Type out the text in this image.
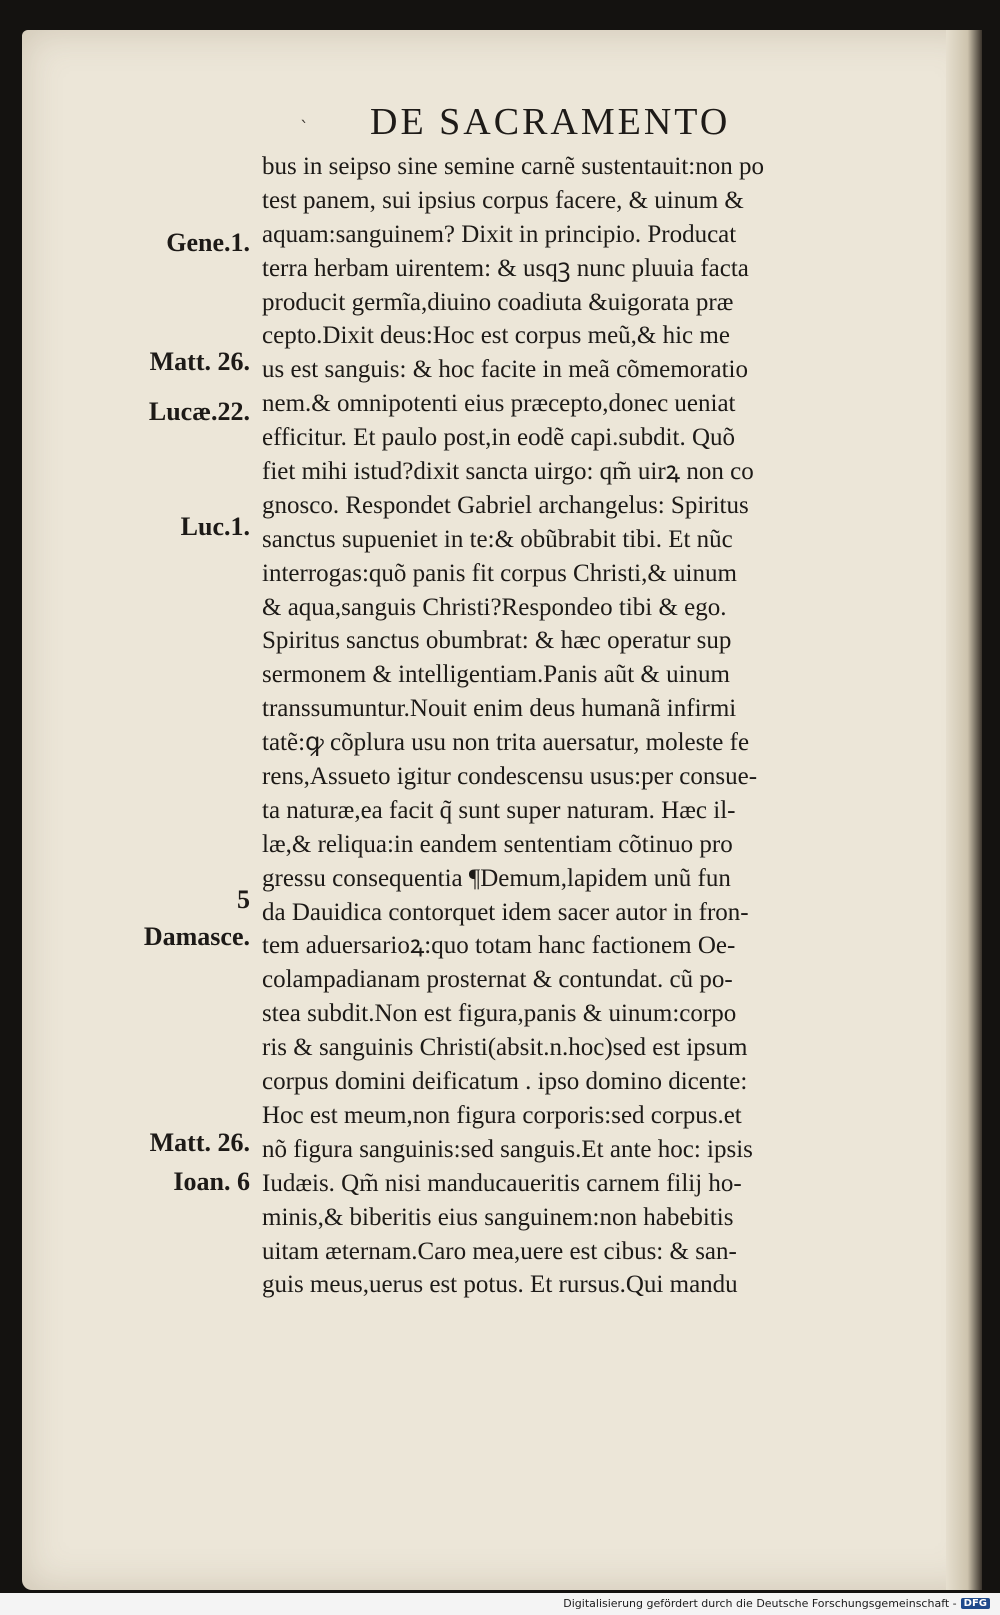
` DE SACRAMENTO
bus in seipso sine semine carnẽ sustentauit:non po
test panem, sui ipsius corpus facere, & uinum &
aquam:sanguinem? Dixit in principio. Producat
terra herbam uirentem: & usqꝫ nunc pluuia facta
producit germĩa,diuino coadiuta &uigorata præ
cepto.Dixit deus:Hoc est corpus meũ,& hic me
us est sanguis: & hoc facite in meã cõmemoratio
nem.& omnipotenti eius præcepto,donec ueniat
efficitur. Et paulo post,in eodẽ capi.subdit. Quõ
fiet mihi istud?dixit sancta uirgo: qm̃ uirꝝ non co
gnosco. Respondet Gabriel archangelus: Spiritus
sanctus supueniet in te:& obũbrabit tibi. Et nũc
interrogas:quõ panis fit corpus Christi,& uinum
& aqua,sanguis Christi?Respondeo tibi & ego.
Spiritus sanctus obumbrat: & hæc operatur sup
sermonem & intelligentiam.Panis aũt & uinum
transsumuntur.Nouit enim deus humanã infirmi
tatẽ:ꝙ cõplura usu non trita auersatur, moleste fe
rens,Assueto igitur condescensu usus:per consue-
ta naturæ,ea facit q̃ sunt super naturam. Hæc il-
læ,& reliqua:in eandem sententiam cõtinuo pro
gressu consequentia ¶Demum,lapidem unũ fun
da Dauidica contorquet idem sacer autor in fron-
tem aduersarioꝝ:quo totam hanc factionem Oe-
colampadianam prosternat & contundat. cũ po-
stea subdit.Non est figura,panis & uinum:corpo
ris & sanguinis Christi(absit.n.hoc)sed est ipsum
corpus domini deificatum . ipso domino dicente:
Hoc est meum,non figura corporis:sed corpus.et
nõ figura sanguinis:sed sanguis.Et ante hoc: ipsis
Iudæis. Qm̃ nisi manducaueritis carnem filij ho-
minis,& biberitis eius sanguinem:non habebitis
uitam æternam.Caro mea,uere est cibus: & san-
guis meus,uerus est potus. Et rursus.Qui mandu
Gene.1.
Matt. 26.
Lucæ.22.
Luc.1.
5
Damasce.
Matt. 26.
Ioan. 6
Digitalisierung gefördert durch die Deutsche Forschungsgemeinschaft - DFG
